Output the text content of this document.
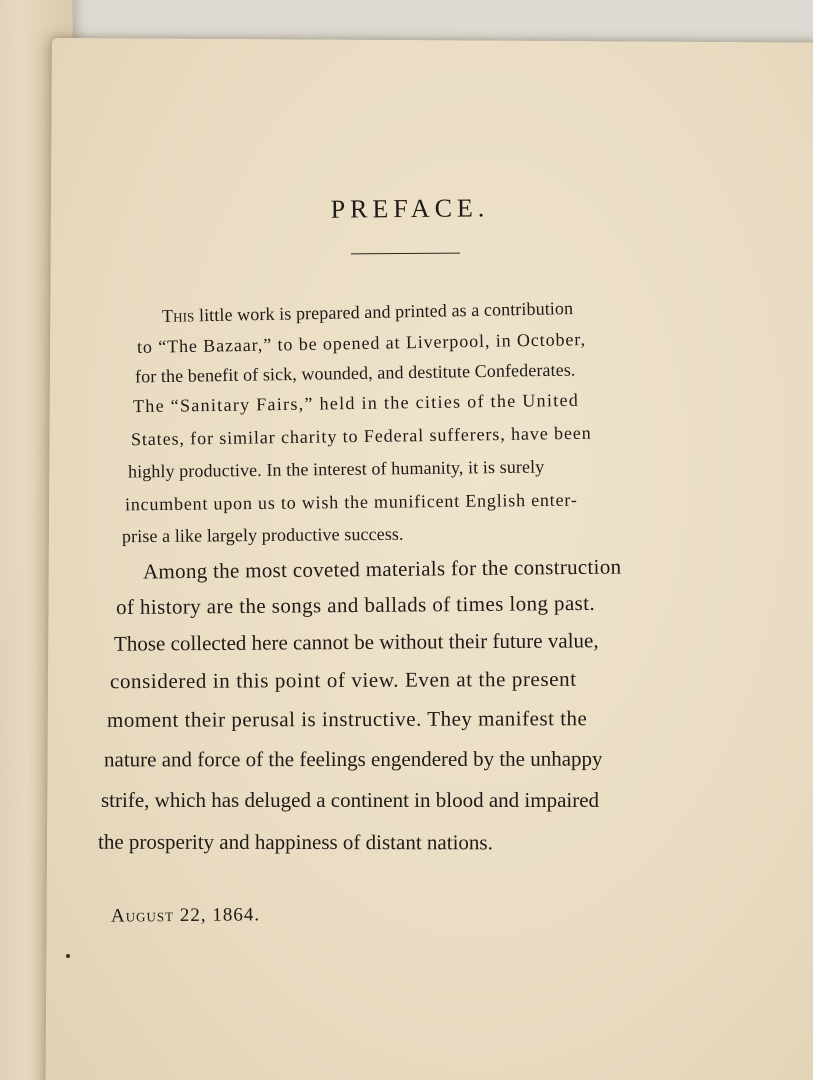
PREFACE.
This little work is prepared and printed as a contribution
to “The Bazaar,” to be opened at Liverpool, in October,
for the benefit of sick, wounded, and destitute Confederates.
The “Sanitary Fairs,” held in the cities of the United
States, for similar charity to Federal sufferers, have been
highly productive. In the interest of humanity, it is surely
incumbent upon us to wish the munificent English enter-
prise a like largely productive success.
Among the most coveted materials for the construction
of history are the songs and ballads of times long past.
Those collected here cannot be without their future value,
considered in this point of view. Even at the present
moment their perusal is instructive. They manifest the
nature and force of the feelings engendered by the unhappy
strife, which has deluged a continent in blood and impaired
the prosperity and happiness of distant nations.
August 22, 1864.
